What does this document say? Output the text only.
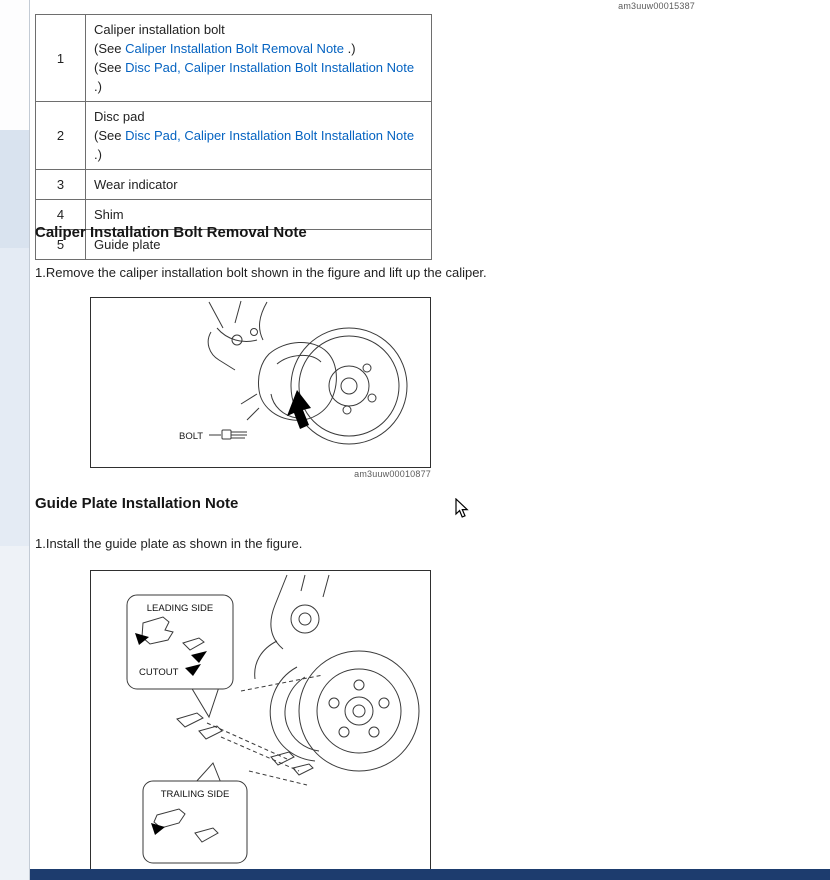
am3uuw00015387
1	Caliper installation bolt
(See Caliper Installation Bolt Removal Note .)
(See Disc Pad, Caliper Installation Bolt Installation Note .)

2	Disc pad
(See Disc Pad, Caliper Installation Bolt Installation Note .)

3	Wear indicator

4	Shim

5	Guide plate
Caliper Installation Bolt Removal Note
1.Remove the caliper installation bolt shown in the figure and lift up the caliper.
BOLT
am3uuw00010877
Guide Plate Installation Note
1.Install the guide plate as shown in the figure.
LEADING SIDE
CUTOUT
TRAILING SIDE
